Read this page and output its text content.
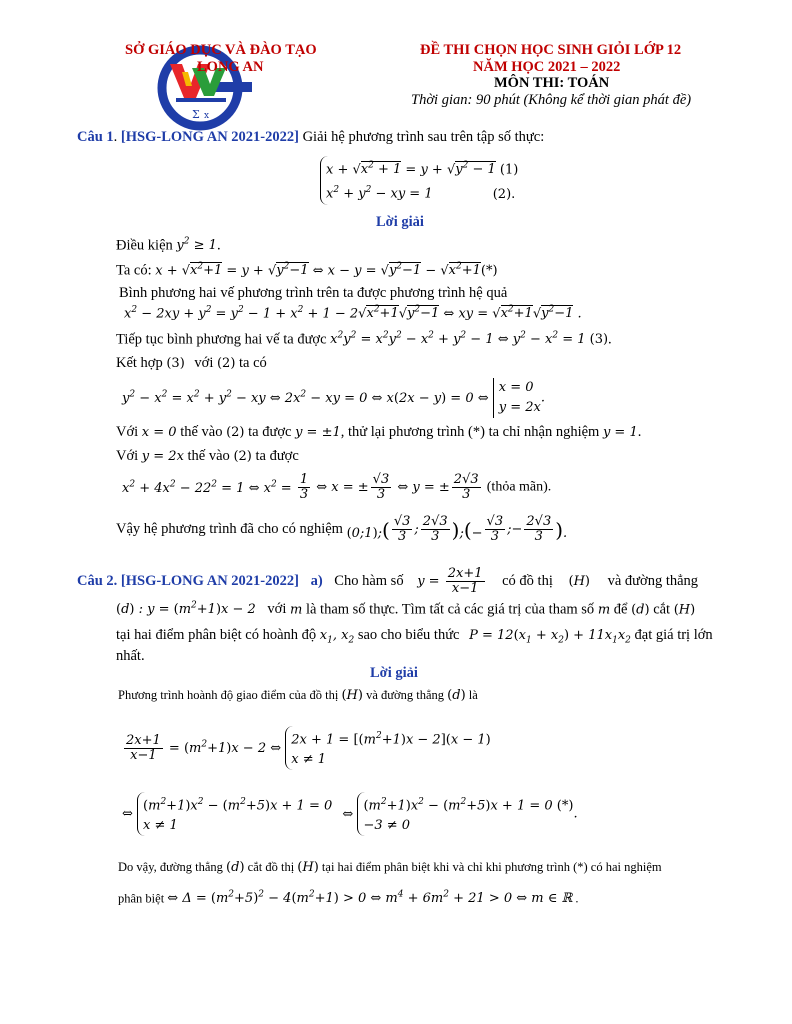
Σ x
SỞ GIÁO DỤC VÀ ĐÀO TẠO
LONG AN
ĐỀ THI CHỌN HỌC SINH GIỎI LỚP 12
NĂM HỌC 2021 – 2022
MÔN THI: TOÁN
Thời gian: 90 phút (Không kể thời gian phát đề)
Câu 1. [HSG-LONG AN 2021-2022] Giải hệ phương trình sau trên tập số thực:
$x + √x^2 + 1 = y + √y^2 - 1$ (1)
$x^2 + y^2$ − xy = 1	(2).
Lời giải
Điều kiện $y^2 \ge 1$.
Ta có: $x + √x^2+1 = y + √y^2-1$ ⇔ $x - y = √y^2-1 - √x^2+1(*)$
Bình phương hai vế phương trình trên ta được phương trình hệ quả
$x^2 - 2xy + y^2 = y^2 - 1 + x^2 + 1 - 2√x^2+1√y^2-1$ ⇔ xy = $√x^2+1√y^2-1$ .
Tiếp tục bình phương hai vế ta được $x^2y^2 = x^2y^2 - x^2 + y^2 - 1$ ⇔ $y^2 - x^2 = 1$ (3).
Kết hợp (3) với (2) ta có
$y^2 - x^2 = x^2 + y^2$ − xy ⇔ $2x^2$ − xy = 0 ⇔ x(2x − y) = 0 ⇔
x = 0
y = 2x
.
Với x = 0 thế vào (2) ta được y = ±1, thử lại phương trình (*) ta chỉ nhận nghiệm y = 1.
Với y = 2x thế vào (2) ta được
$x^2 + 4x^2 - 22^2 = 1$ ⇔ $x^2 = \frac{1}{3}$ ⇔ x = ± $\frac{√3}{3}$ ⇔ y = ± $\frac{2√3}{3}$ (thỏa mãn).
Vậy hệ phương trình đã cho có nghiệm (0;1);( $\frac{√3}{3}$ ; $\frac{2√3}{3}$ );(− $\frac{√3}{3}$ ;− $\frac{2√3}{3}$ ).
Câu 2. [HSG-LONG AN 2021-2022] a) Cho hàm số $y = \frac{2x+1}{x-1}$ có đồ thị (H) và đường thẳng
(d) : $y = (m^2+1)x - 2$ với m là tham số thực. Tìm tất cả các giá trị của tham số m để (d) cắt (H)
tại hai điểm phân biệt có hoành độ $x_1$, $x_2$ sao cho biểu thức $P = 12(x_1 + x_2) + 11x_1x_2$ đạt giá trị lớn
nhất.
Lời giải
Phương trình hoành độ giao điểm của đồ thị (H) và đường thẳng (d) là
$\frac{2x+1}{x-1} = (m^2+1)x - 2$ ⇔
$2x + 1 = [(m^2+1)x - 2](x - 1)$
x ≠ 1
⇔
$(m^2+1)x^2 - (m^2+5)x + 1 = 0$
x ≠ 1
⇔
$(m^2+1)x^2 - (m^2+5)x + 1 = 0$ (*)
−3 ≠ 0
.
Do vậy, đường thẳng (d) cắt đồ thị (H) tại hai điểm phân biệt khi và chỉ khi phương trình (*) có hai nghiệm
phân biệt ⇔ $\Delta = (m^2+5)^2 - 4(m^2+1) > 0$ ⇔ $m^4 + 6m^2 + 21 > 0$ ⇔ m ∈ ℝ .
